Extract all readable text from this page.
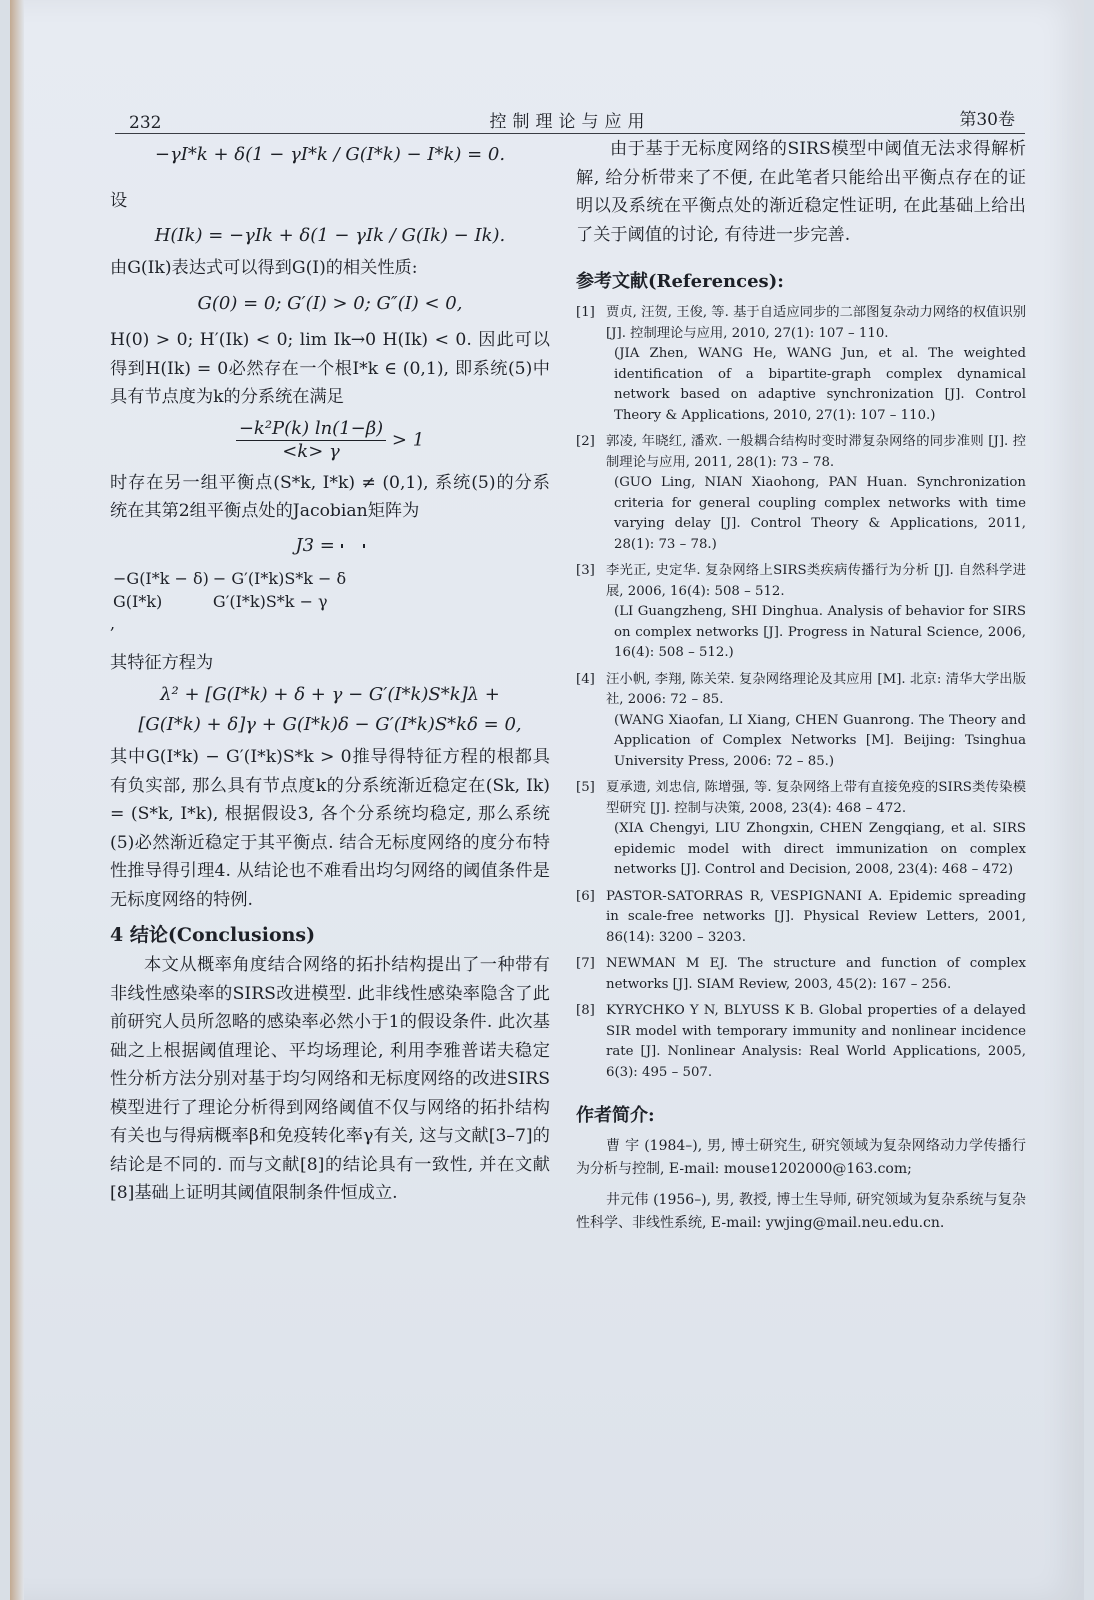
232	控制理论与应用	第30卷

−γI*k + δ(1 − γI*k / G(I*k) − I*k) = 0.

设

H(Ik) = −γIk + δ(1 − γIk / G(Ik) − Ik).

由G(Ik)表达式可以得到G(I)的相关性质:

G(0) = 0; G′(I) > 0; G″(I) < 0,

H(0) > 0; H′(Ik) < 0; lim Ik→0 H(Ik) < 0. 因此可以得到H(Ik) = 0必然存在一个根I*k ∈ (0,1), 即系统(5)中具有节点度为k的分系统在满足

$\frac{\text{−k²P(k) ln(1−β)}}{<k> \gamma} > 1$

时存在另一组平衡点(S*k, I*k) ≠ (0,1), 系统(5)的分系统在其第2组平衡点处的Jacobian矩阵为

J3 =

−G(I*k − δ)	− G′(I*k)S*k − δ
G(I*k)	G′(I*k)S*k − γ
,

其特征方程为

λ² + [G(I*k) + δ + γ − G′(I*k)S*k]λ +

[G(I*k) + δ]γ + G(I*k)δ − G′(I*k)S*kδ = 0,

其中G(I*k) − G′(I*k)S*k > 0推导得特征方程的根都具有负实部, 那么具有节点度k的分系统渐近稳定在(Sk, Ik) = (S*k, I*k), 根据假设3, 各个分系统均稳定, 那么系统(5)必然渐近稳定于其平衡点. 结合无标度网络的度分布特性推导得引理4. 从结论也不难看出均匀网络的阈值条件是无标度网络的特例.

4 结论(Conclusions)

本文从概率角度结合网络的拓扑结构提出了一种带有非线性感染率的SIRS改进模型. 此非线性感染率隐含了此前研究人员所忽略的感染率必然小于1的假设条件. 此次基础之上根据阈值理论、平均场理论, 利用李雅普诺夫稳定性分析方法分别对基于均匀网络和无标度网络的改进SIRS模型进行了理论分析得到网络阈值不仅与网络的拓扑结构有关也与得病概率β和免疫转化率γ有关, 这与文献[3–7]的结论是不同的. 而与文献[8]的结论具有一致性, 并在文献[8]基础上证明其阈值限制条件恒成立.

由于基于无标度网络的SIRS模型中阈值无法求得解析解, 给分析带来了不便, 在此笔者只能给出平衡点存在的证明以及系统在平衡点处的渐近稳定性证明, 在此基础上给出了关于阈值的讨论, 有待进一步完善.

参考文献(References):
[1] 贾贞, 汪贺, 王俊, 等. 基于自适应同步的二部图复杂动力网络的权值识别 [J]. 控制理论与应用, 2010, 27(1): 107 – 110.
(JIA Zhen, WANG He, WANG Jun, et al. The weighted identification of a bipartite-graph complex dynamical network based on adaptive synchronization [J]. Control Theory & Applications, 2010, 27(1): 107 – 110.)
[2] 郭凌, 年晓红, 潘欢. 一般耦合结构时变时滞复杂网络的同步准则 [J]. 控制理论与应用, 2011, 28(1): 73 – 78.
(GUO Ling, NIAN Xiaohong, PAN Huan. Synchronization criteria for general coupling complex networks with time varying delay [J]. Control Theory & Applications, 2011, 28(1): 73 – 78.)
[3] 李光正, 史定华. 复杂网络上SIRS类疾病传播行为分析 [J]. 自然科学进展, 2006, 16(4): 508 – 512.
(LI Guangzheng, SHI Dinghua. Analysis of behavior for SIRS on complex networks [J]. Progress in Natural Science, 2006, 16(4): 508 – 512.)
[4] 汪小帆, 李翔, 陈关荣. 复杂网络理论及其应用 [M]. 北京: 清华大学出版社, 2006: 72 – 85.
(WANG Xiaofan, LI Xiang, CHEN Guanrong. The Theory and Application of Complex Networks [M]. Beijing: Tsinghua University Press, 2006: 72 – 85.)
[5] 夏承遗, 刘忠信, 陈增强, 等. 复杂网络上带有直接免疫的SIRS类传染模型研究 [J]. 控制与决策, 2008, 23(4): 468 – 472.
(XIA Chengyi, LIU Zhongxin, CHEN Zengqiang, et al. SIRS epidemic model with direct immunization on complex networks [J]. Control and Decision, 2008, 23(4): 468 – 472)
[6] PASTOR-SATORRAS R, VESPIGNANI A. Epidemic spreading in scale-free networks [J]. Physical Review Letters, 2001, 86(14): 3200 – 3203.
[7] NEWMAN M EJ. The structure and function of complex networks [J]. SIAM Review, 2003, 45(2): 167 – 256.
[8] KYRYCHKO Y N, BLYUSS K B. Global properties of a delayed SIR model with temporary immunity and nonlinear incidence rate [J]. Nonlinear Analysis: Real World Applications, 2005, 6(3): 495 – 507.
作者简介:

曹 宇 (1984–), 男, 博士研究生, 研究领域为复杂网络动力学传播行为分析与控制, E-mail: mouse1202000@163.com;

井元伟 (1956–), 男, 教授, 博士生导师, 研究领域为复杂系统与复杂性科学、非线性系统, E-mail: ywjing@mail.neu.edu.cn.
